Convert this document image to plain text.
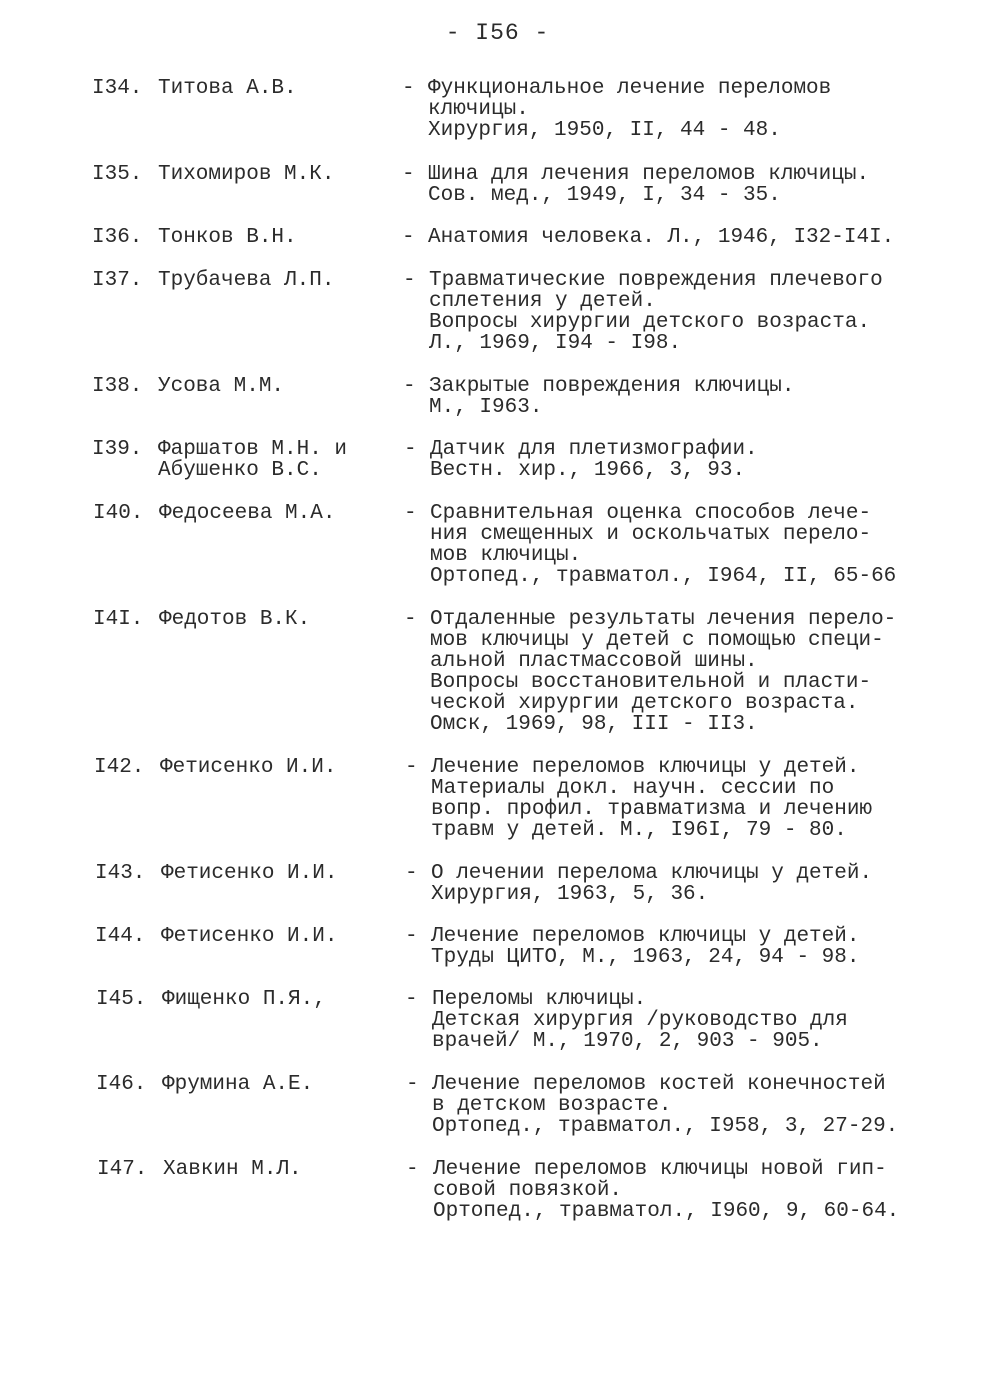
- I56 -
I34. Титова А.В.	- Функциональное лечение переломов
ключицы.
Хирургия, 1950, II, 44 - 48.
I35. Тихомиров М.К.	- Шина для лечения переломов ключицы.
Сов. мед., 1949, I, 34 - 35.
I36. Тонков В.Н.	- Анатомия человека. Л., 1946, I32-I4I.
I37. Трубачева Л.П.	- Травматические повреждения плечевого
сплетения у детей.
Вопросы хирургии детского возраста.
Л., 1969, I94 - I98.
I38. Усова М.М.	- Закрытые повреждения ключицы.
М., I963.
I39. Фаршатов М.Н. и
Абушенко В.С.
- Датчик для плетизмографии.
Вестн. хир., 1966, 3, 93.
I40. Федосеева М.А.	- Сравнительная оценка способов лече-
ния смещенных и оскольчатых перело-
мов ключицы.
Ортопед., травматол., I964, II, 65-66
I4I. Федотов В.К.	- Отдаленные результаты лечения перело-
мов ключицы у детей с помощью специ-
альной пластмассовой шины.
Вопросы восстановительной и пласти-
ческой хирургии детского возраста.
Омск, 1969, 98, III - II3.
I42. Фетисенко И.И.	- Лечение переломов ключицы у детей.
Материалы докл. научн. сессии по
вопр. профил. травматизма и лечению
травм у детей. М., I96I, 79 - 80.
I43. Фетисенко И.И.	- О лечении перелома ключицы у детей.
Хирургия, 1963, 5, 36.
I44. Фетисенко И.И.	- Лечение переломов ключицы у детей.
Труды ЦИТО, М., 1963, 24, 94 - 98.
I45. Фищенко П.Я.,	- Переломы ключицы.
Детская хирургия /руководство для
врачей/ М., 1970, 2, 903 - 905.
I46. Фрумина А.Е.	- Лечение переломов костей конечностей
в детском возрасте.
Ортопед., травматол., I958, 3, 27-29.
I47. Хавкин М.Л.	- Лечение переломов ключицы новой гип-
совой повязкой.
Ортопед., травматол., I960, 9, 60-64.
